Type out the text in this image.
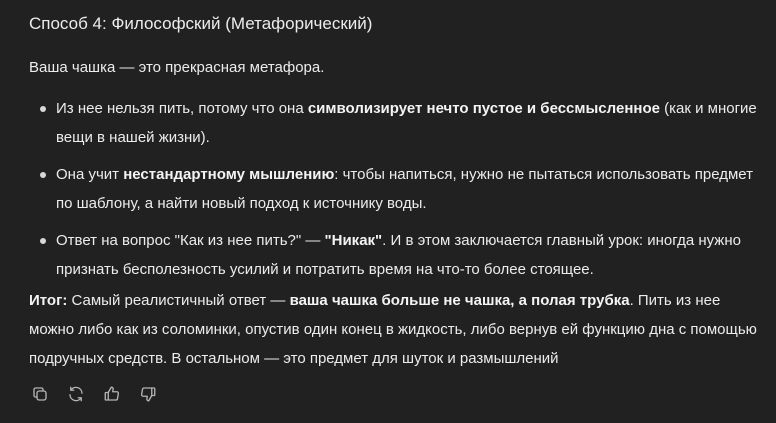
Способ 4: Философский (Метафорический)
Ваша чашка — это прекрасная метафора.
Из нее нельзя пить, потому что она символизирует нечто пустое и бессмысленное (как и многие вещи в нашей жизни).
Она учит нестандартному мышлению: чтобы напиться, нужно не пытаться использовать предмет по шаблону, а найти новый подход к источнику воды.
Ответ на вопрос "Как из нее пить?" — "Никак". И в этом заключается главный урок: иногда нужно признать бесполезность усилий и потратить время на что-то более стоящее.
Итог: Самый реалистичный ответ — ваша чашка больше не чашка, а полая трубка. Пить из нее можно либо как из соломинки, опустив один конец в жидкость, либо вернув ей функцию дна с помощью подручных средств. В остальном — это предмет для шуток и размышлений
